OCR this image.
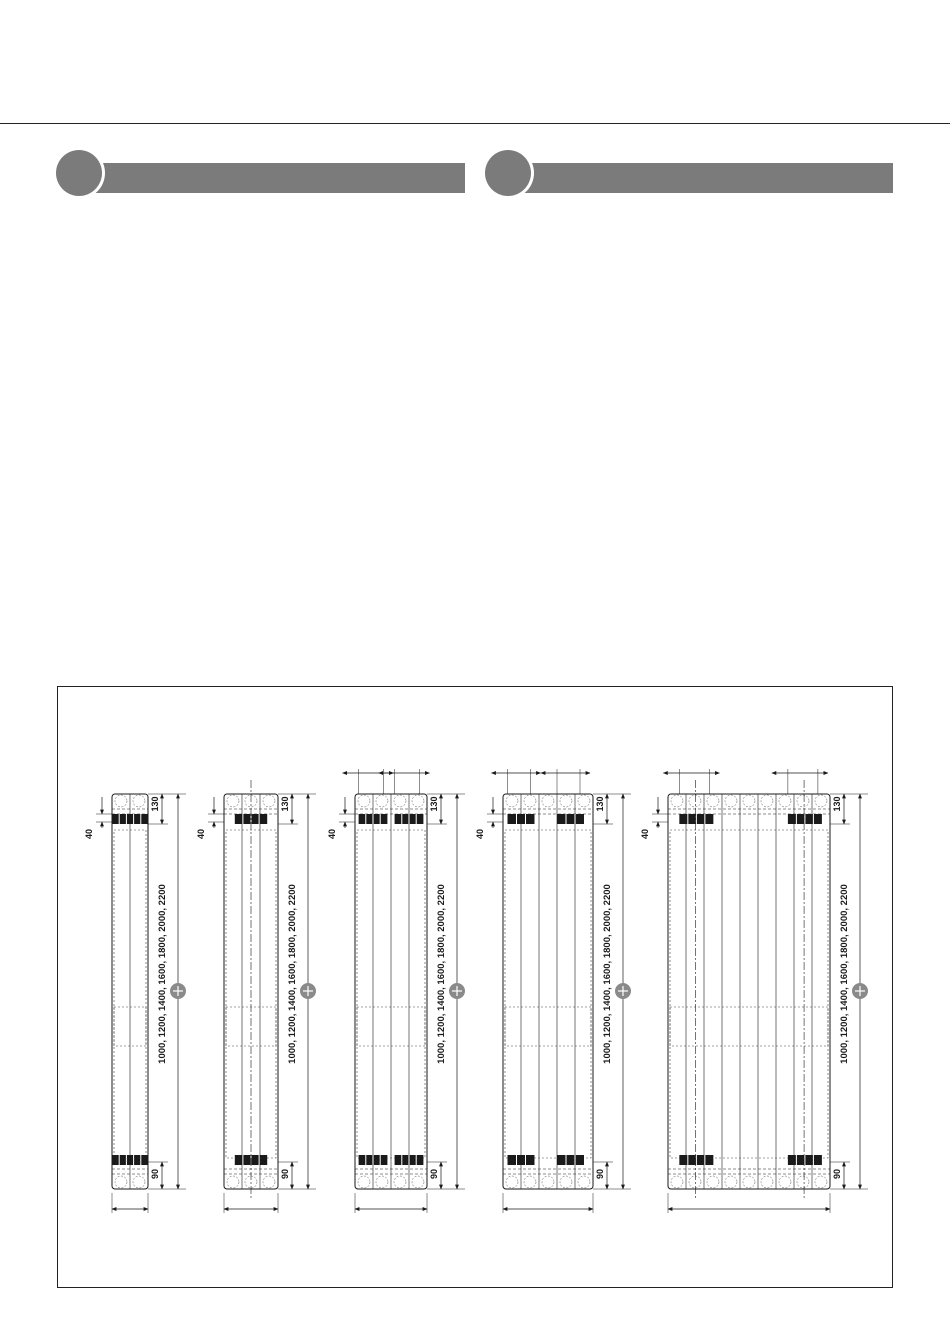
40
130
90
1000, 1200, 1400, 1600, 1800, 2000, 2200
40
130
90
1000, 1200, 1400, 1600, 1800, 2000, 2200
40
130
90
1000, 1200, 1400, 1600, 1800, 2000, 2200
40
130
90
1000, 1200, 1400, 1600, 1800, 2000, 2200
40
130
90
1000, 1200, 1400, 1600, 1800, 2000, 2200
